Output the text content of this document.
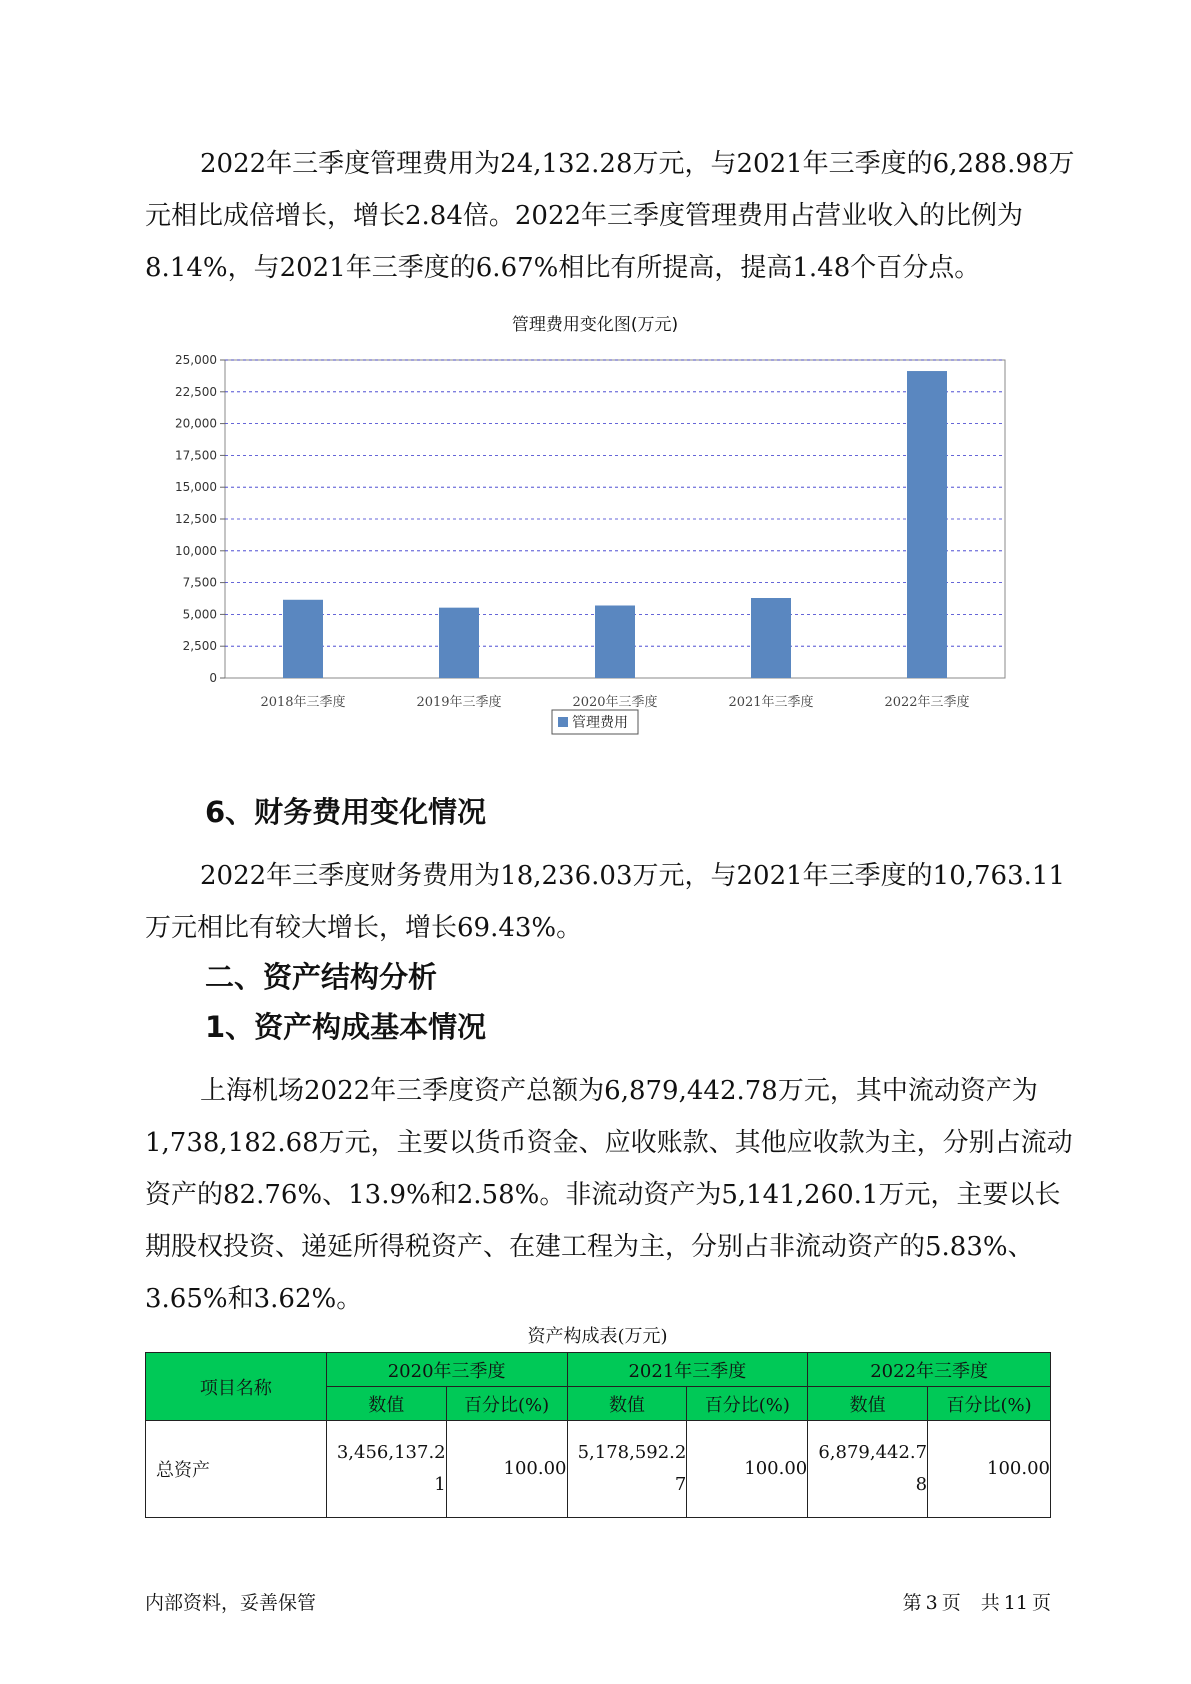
2022年三季度管理费用为24,132.28万元，与2021年三季度的6,288.98万元相比成倍增长，增长2.84倍。2022年三季度管理费用占营业收入的比例为8.14%，与2021年三季度的6.67%相比有所提高，提高1.48个百分点。

管理费用变化图(万元)
0
2,500
5,000
7,500
10,000
12,500
15,000
17,500
20,000
22,500
25,000
2018年三季度	2019年三季度	2020年三季度	2021年三季度	2022年三季度
管理费用
6、财务费用变化情况

2022年三季度财务费用为18,236.03万元，与2021年三季度的10,763.11万元相比有较大增长，增长69.43%。

二、资产结构分析
1、资产构成基本情况

上海机场2022年三季度资产总额为6,879,442.78万元，其中流动资产为1,738,182.68万元，主要以货币资金、应收账款、其他应收款为主，分别占流动资产的82.76%、13.9%和2.58%。非流动资产为5,141,260.1万元，主要以长期股权投资、递延所得税资产、在建工程为主，分别占非流动资产的5.83%、3.65%和3.62%。

资产构成表(万元)
项目名称	2020年三季度		2021年三季度		2022年三季度	
	数值	百分比(%)	数值	百分比(%)	数值	百分比(%)
总资产	3,456,137.21	100.00	5,178,592.27	100.00	6,879,442.78	100.00
内部资料，妥善保管	第 3 页 共 11 页
